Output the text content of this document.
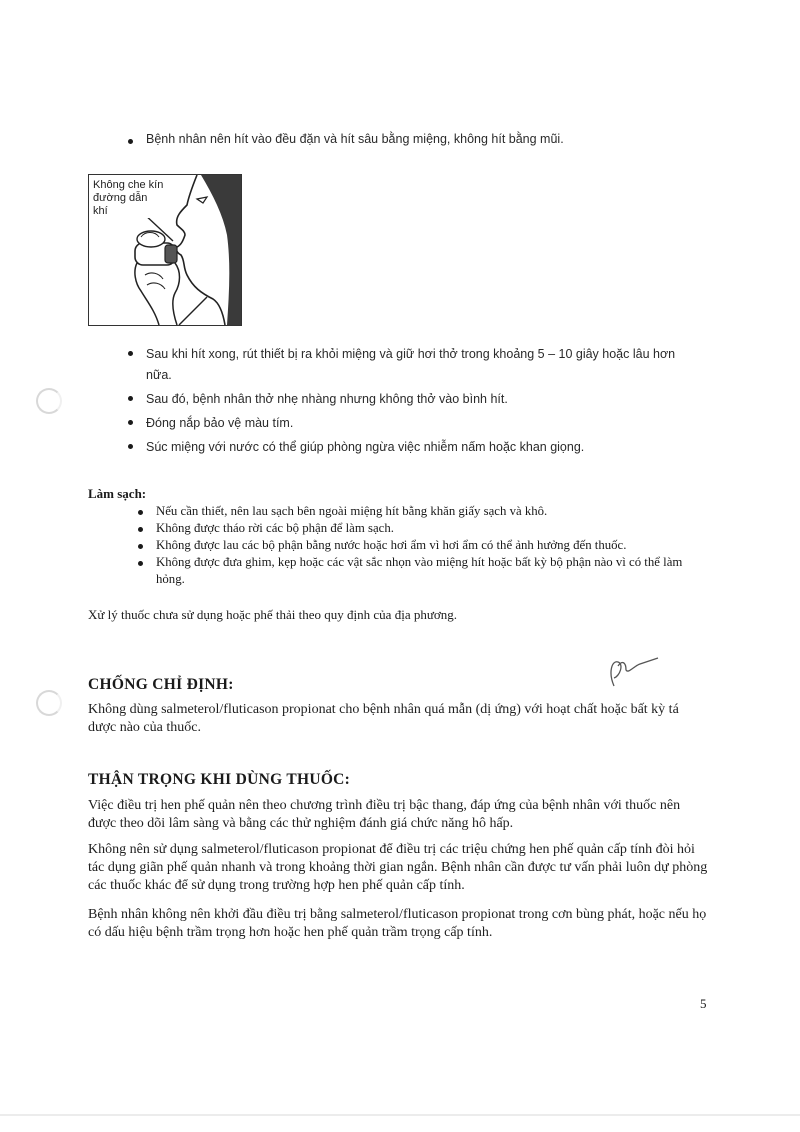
Bệnh nhân nên hít vào đều đặn và hít sâu bằng miệng, không hít bằng mũi.
Không che kín đường dẫn khí
Sau khi hít xong, rút thiết bị ra khỏi miệng và giữ hơi thở trong khoảng 5 – 10 giây hoặc lâu hơn nữa.
Sau đó, bệnh nhân thở nhẹ nhàng nhưng không thở vào bình hít.
Đóng nắp bảo vệ màu tím.
Súc miệng với nước có thể giúp phòng ngừa việc nhiễm nấm hoặc khan giọng.
Làm sạch:
Nếu cần thiết, nên lau sạch bên ngoài miệng hít bằng khăn giấy sạch và khô.
Không được tháo rời các bộ phận để làm sạch.
Không được lau các bộ phận bằng nước hoặc hơi ẩm vì hơi ẩm có thể ảnh hưởng đến thuốc.
Không được đưa ghim, kẹp hoặc các vật sắc nhọn vào miệng hít hoặc bất kỳ bộ phận nào vì có thể làm hỏng.
Xử lý thuốc chưa sử dụng hoặc phế thải theo quy định của địa phương.
CHỐNG CHỈ ĐỊNH:
Không dùng salmeterol/fluticason propionat cho bệnh nhân quá mẫn (dị ứng) với hoạt chất hoặc bất kỳ tá dược nào của thuốc.
THẬN TRỌNG KHI DÙNG THUỐC:
Việc điều trị hen phế quản nên theo chương trình điều trị bậc thang, đáp ứng của bệnh nhân với thuốc nên được theo dõi lâm sàng và bằng các thử nghiệm đánh giá chức năng hô hấp.
Không nên sử dụng salmeterol/fluticason propionat để điều trị các triệu chứng hen phế quản cấp tính đòi hỏi tác dụng giãn phế quản nhanh và trong khoảng thời gian ngắn. Bệnh nhân cần được tư vấn phải luôn dự phòng các thuốc khác để sử dụng trong trường hợp hen phế quản cấp tính.
Bệnh nhân không nên khởi đầu điều trị bằng salmeterol/fluticason propionat trong cơn bùng phát, hoặc nếu họ có dấu hiệu bệnh trầm trọng hơn hoặc hen phế quản trầm trọng cấp tính.
5
